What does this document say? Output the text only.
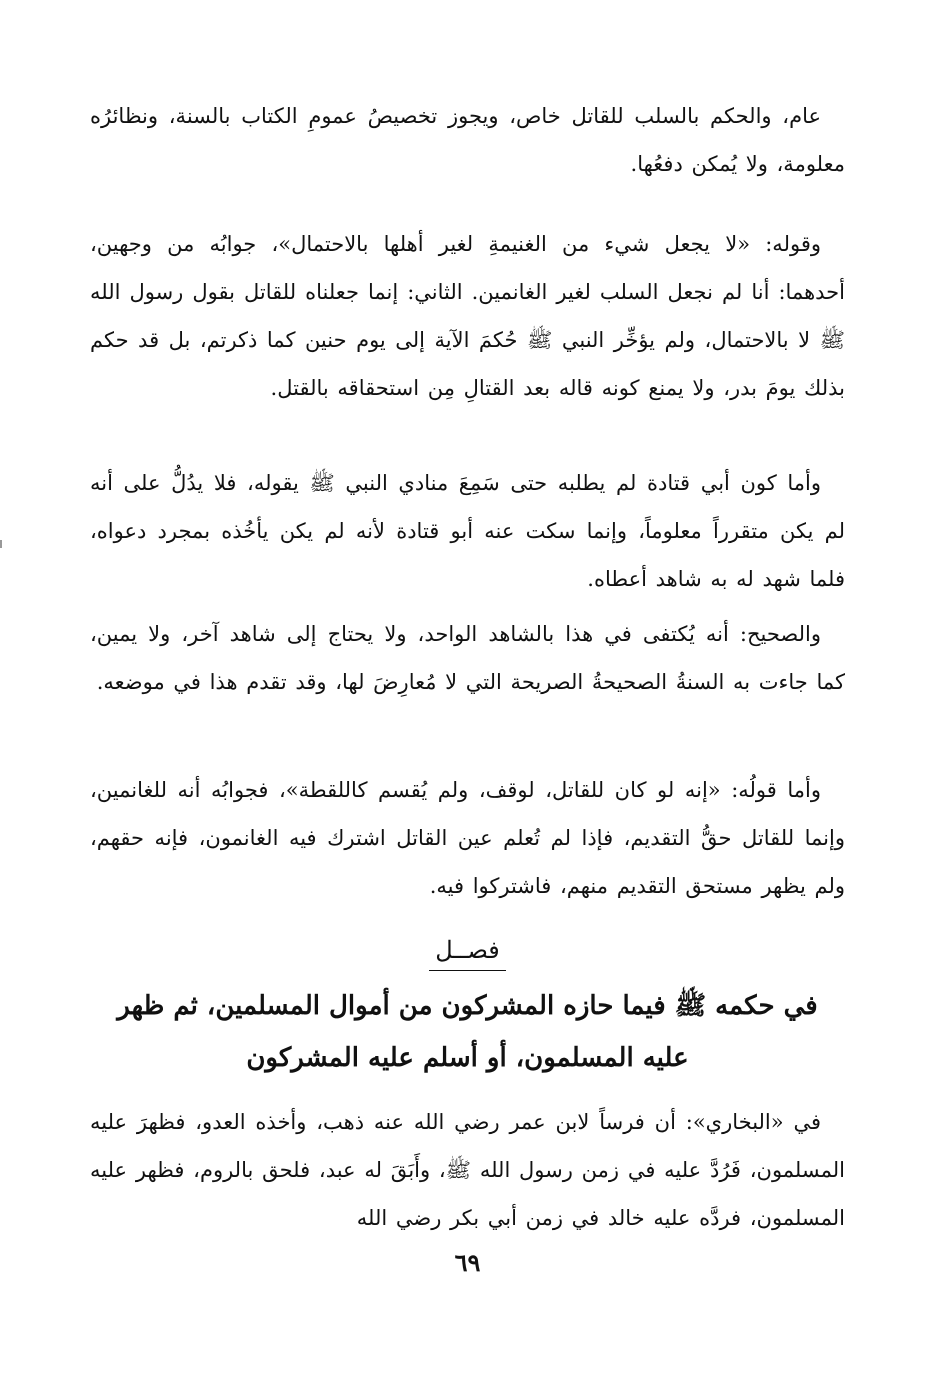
عام، والحكم بالسلب للقاتل خاص، ويجوز تخصيصُ عمومِ الكتاب بالسنة، ونظائرُه معلومة، ولا يُمكن دفعُها.

وقوله: «لا يجعل شيء من الغنيمةِ لغير أهلها بالاحتمال»، جوابُه من وجهين، أحدهما: أنا لم نجعل السلب لغير الغانمين. الثاني: إنما جعلناه للقاتل بقول رسول الله ﷺ لا بالاحتمال، ولم يؤخِّر النبي ﷺ حُكمَ الآية إلى يوم حنين كما ذكرتم، بل قد حكم بذلك يومَ بدر، ولا يمنع كونه قاله بعد القتالِ مِن استحقاقه بالقتل.

وأما كون أبي قتادة لم يطلبه حتى سَمِعَ منادي النبي ﷺ يقوله، فلا يدُلُّ على أنه لم يكن متقرراً معلوماً، وإنما سكت عنه أبو قتادة لأنه لم يكن يأخُذه بمجرد دعواه، فلما شهد له به شاهد أعطاه.

والصحيح: أنه يُكتفى في هذا بالشاهد الواحد، ولا يحتاج إلى شاهد آخر، ولا يمين، كما جاءت به السنةُ الصحيحةُ الصريحة التي لا مُعارِضَ لها، وقد تقدم هذا في موضعه.

وأما قولُه: «إنه لو كان للقاتل، لوقف، ولم يُقسم كاللقطة»، فجوابُه أنه للغانمين، وإنما للقاتل حقُّ التقديم، فإذا لم تُعلم عين القاتل اشترك فيه الغانمون، فإنه حقهم، ولم يظهر مستحق التقديم منهم، فاشتركوا فيه.

فصــل
في حكمه ﷺ فيما حازه المشركون من أموال المسلمين، ثم ظهر عليه المسلمون، أو أسلم عليه المشركون

في «البخاري»: أن فرساً لابن عمر رضي الله عنه ذهب، وأخذه العدو، فظهرَ عليه المسلمون، فَرُدَّ عليه في زمن رسول الله ﷺ، وأَبَقَ له عبد، فلحق بالروم، فظهر عليه المسلمون، فردَّه عليه خالد في زمن أبي بكر رضي الله

٦٩
